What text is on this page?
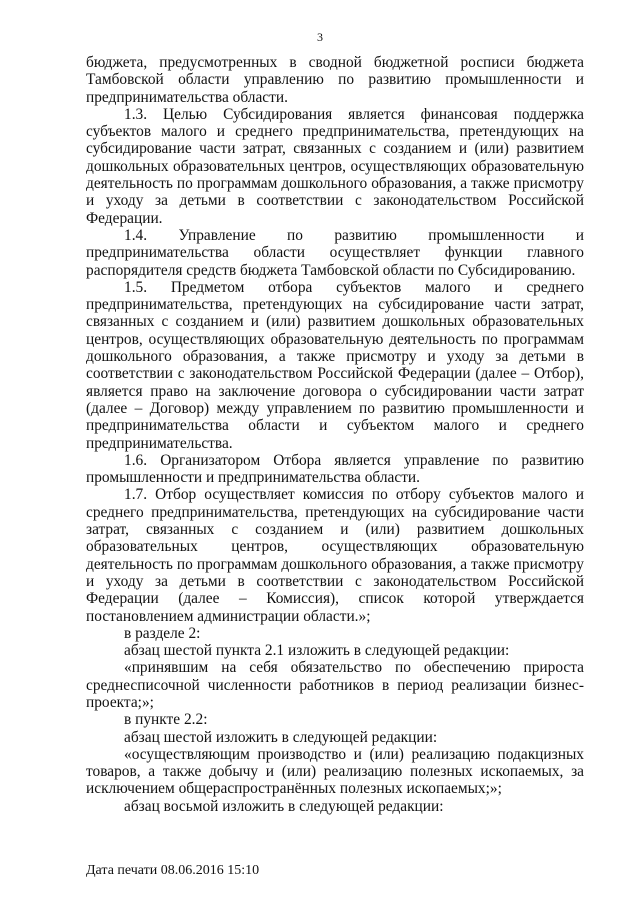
3

бюджета, предусмотренных в сводной бюджетной росписи бюджета Тамбовской области управлению по развитию промышленности и предпринимательства области.

1.3. Целью Субсидирования является финансовая поддержка субъектов малого и среднего предпринимательства, претендующих на субсидирование части затрат, связанных с созданием и (или) развитием дошкольных образовательных центров, осуществляющих образовательную деятельность по программам дошкольного образования, а также присмотру и уходу за детьми в соответствии с законодательством Российской Федерации.

1.4. Управление по развитию промышленности и предпринимательства области осуществляет функции главного распорядителя средств бюджета Тамбовской области по Субсидированию.

1.5. Предметом отбора субъектов малого и среднего предпринимательства, претендующих на субсидирование части затрат, связанных с созданием и (или) развитием дошкольных образовательных центров, осуществляющих образовательную деятельность по программам дошкольного образования, а также присмотру и уходу за детьми в соответствии с законодательством Российской Федерации (далее – Отбор), является право на заключение договора о субсидировании части затрат (далее – Договор) между управлением по развитию промышленности и предпринимательства области и субъектом малого и среднего предпринимательства.

1.6. Организатором Отбора является управление по развитию промышленности и предпринимательства области.

1.7. Отбор осуществляет комиссия по отбору субъектов малого и среднего предпринимательства, претендующих на субсидирование части затрат, связанных с созданием и (или) развитием дошкольных образовательных центров, осуществляющих образовательную деятельность по программам дошкольного образования, а также присмотру и уходу за детьми в соответствии с законодательством Российской Федерации (далее – Комиссия), список которой утверждается постановлением администрации области.»;

в разделе 2:

абзац шестой пункта 2.1 изложить в следующей редакции:

«принявшим на себя обязательство по обеспечению прироста среднесписочной численности работников в период реализации бизнес-проекта;»;

в пункте 2.2:

абзац шестой изложить в следующей редакции:

«осуществляющим производство и (или) реализацию подакцизных товаров, а также добычу и (или) реализацию полезных ископаемых, за исключением общераспространённых полезных ископаемых;»;

абзац восьмой изложить в следующей редакции:

Дата печати 08.06.2016 15:10
